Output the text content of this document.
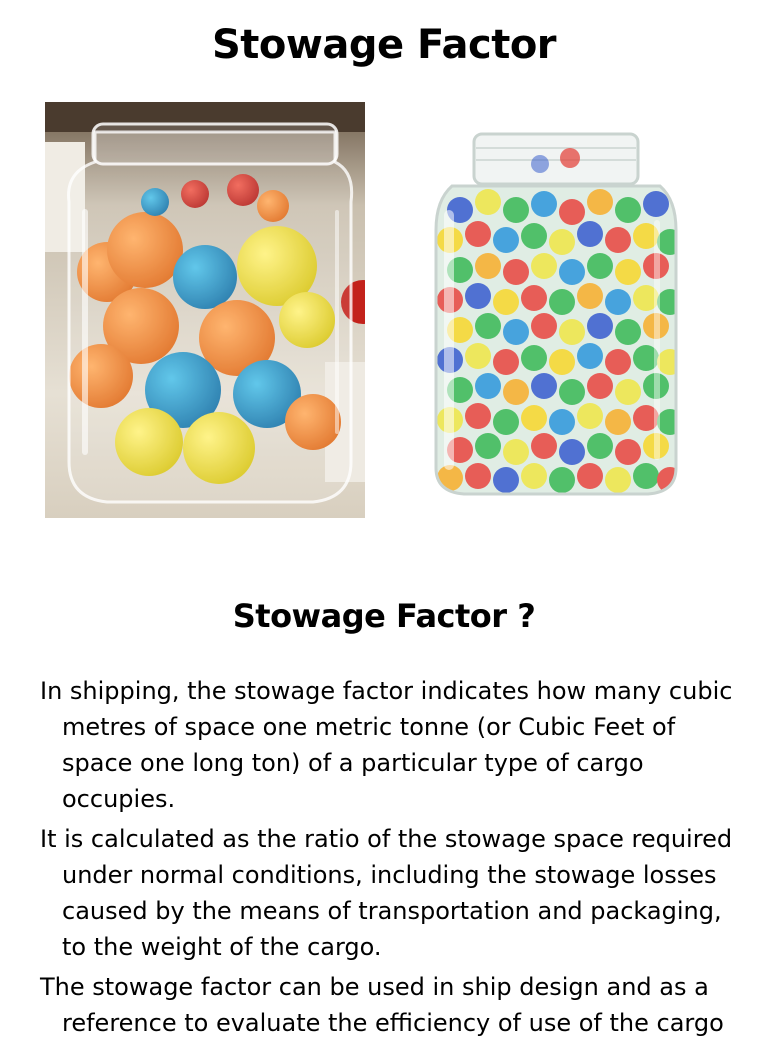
Stowage Factor
Stowage Factor ?

In shipping, the stowage factor indicates how many cubic metres of space one metric tonne (or Cubic Feet of space one long ton) of a particular type of cargo occupies.

It is calculated as the ratio of the stowage space required under normal conditions, including the stowage losses caused by the means of transportation and packaging, to the weight of the cargo.

The stowage factor can be used in ship design and as a reference to evaluate the efficiency of use of the cargo
